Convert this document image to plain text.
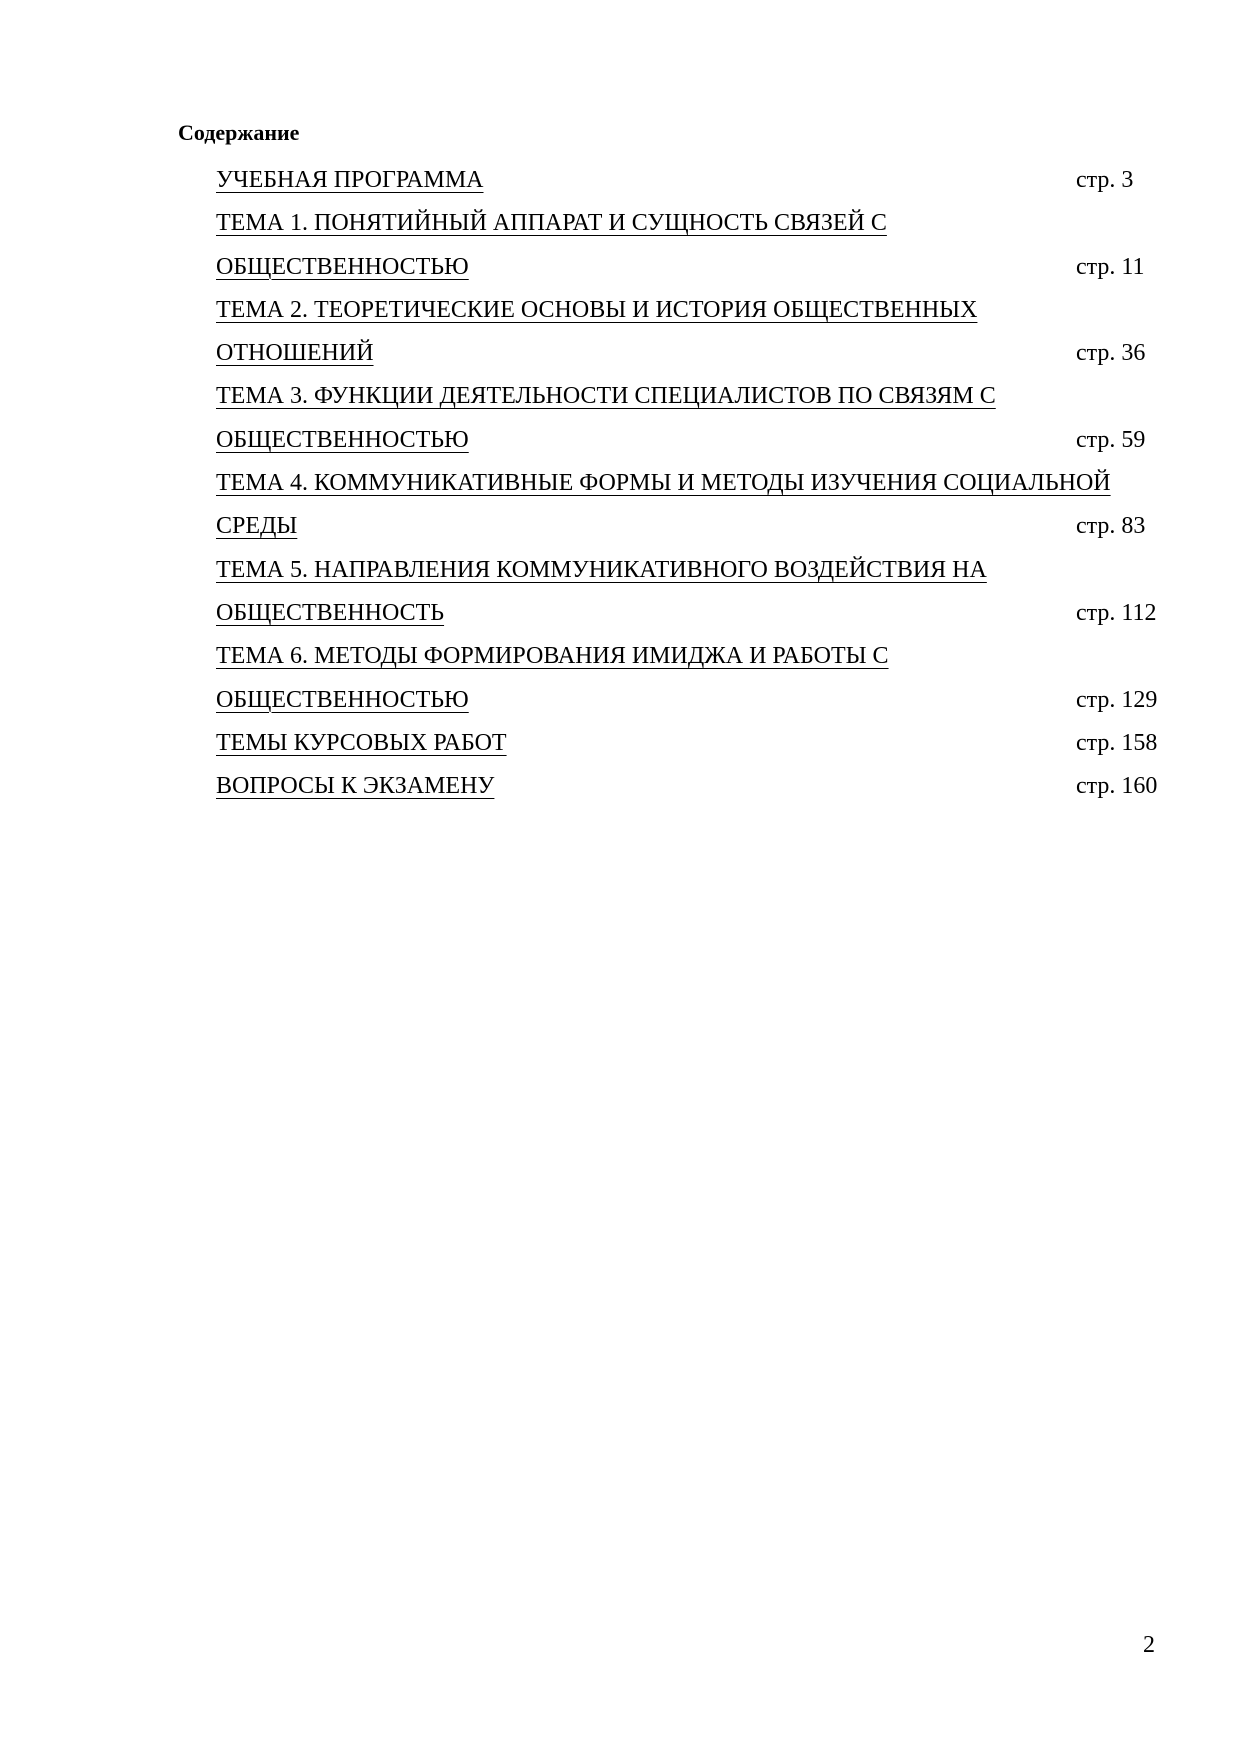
Содержание
УЧЕБНАЯ ПРОГРАММА	стр. 3
ТЕМА 1. ПОНЯТИЙНЫЙ АППАРАТ И СУЩНОСТЬ СВЯЗЕЙ С
ОБЩЕСТВЕННОСТЬЮ	стр. 11
ТЕМА 2. ТЕОРЕТИЧЕСКИЕ ОСНОВЫ И ИСТОРИЯ ОБЩЕСТВЕННЫХ
ОТНОШЕНИЙ	стр. 36
ТЕМА 3. ФУНКЦИИ ДЕЯТЕЛЬНОСТИ СПЕЦИАЛИСТОВ ПО СВЯЗЯМ С
ОБЩЕСТВЕННОСТЬЮ	стр. 59
ТЕМА 4. КОММУНИКАТИВНЫЕ ФОРМЫ И МЕТОДЫ ИЗУЧЕНИЯ СОЦИАЛЬНОЙ
СРЕДЫ	стр. 83
ТЕМА 5. НАПРАВЛЕНИЯ КОММУНИКАТИВНОГО ВОЗДЕЙСТВИЯ НА
ОБЩЕСТВЕННОСТЬ	стр. 112
ТЕМА 6. МЕТОДЫ ФОРМИРОВАНИЯ ИМИДЖА И РАБОТЫ С
ОБЩЕСТВЕННОСТЬЮ	стр. 129
ТЕМЫ КУРСОВЫХ РАБОТ	стр. 158
ВОПРОСЫ К ЭКЗАМЕНУ	стр. 160
2
